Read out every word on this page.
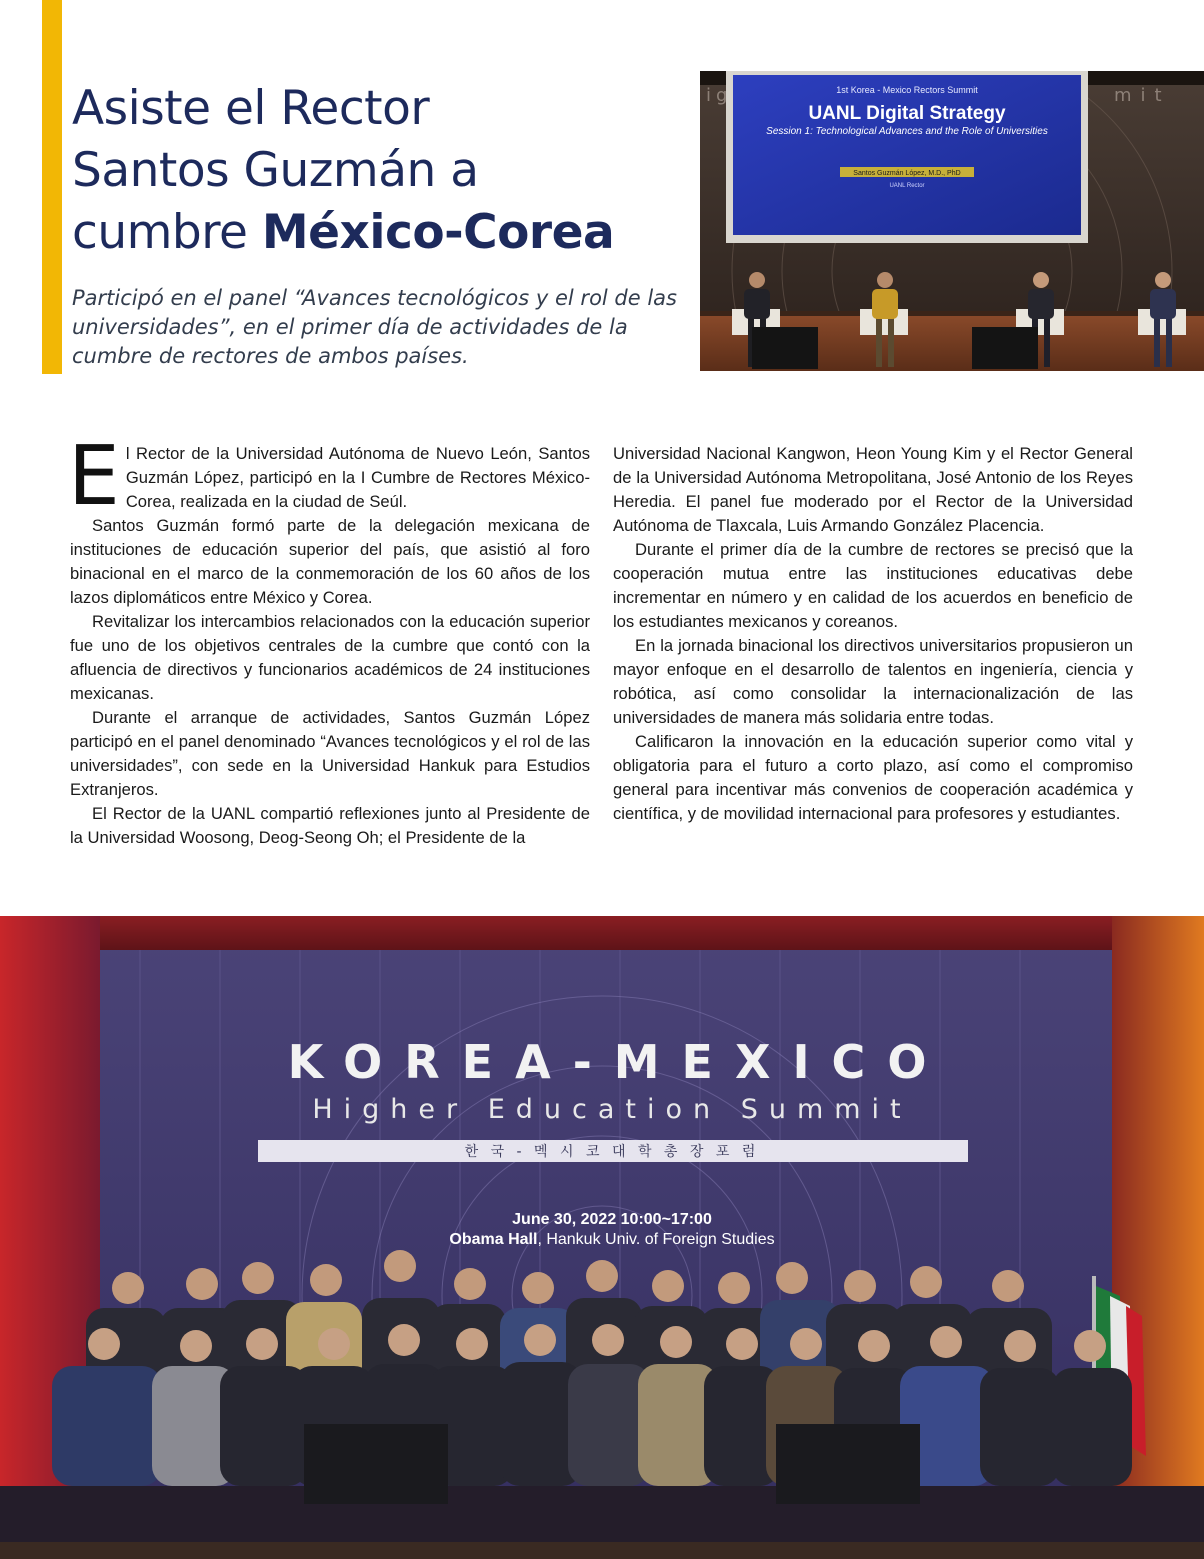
Asiste el Rector
Santos Guzmán a
cumbre México-Corea

Participó en el panel “Avances tecnológicos y el rol de las universidades”, en el primer día de actividades de la cumbre de rectores de ambos países.

ig	mit
1st Korea - Mexico Rectors Summit
UANL Digital Strategy
Session 1: Technological Advances and the Role of Universities
Santos Guzmán López, M.D., PhD
UANL Rector

El Rector de la Universidad Autónoma de Nuevo León, Santos Guzmán López, participó en la I Cumbre de Rectores México-Corea, realizada en la ciudad de Seúl.

Santos Guzmán formó parte de la delegación mexicana de instituciones de educación superior del país, que asistió al foro binacional en el marco de la conmemoración de los 60 años de los lazos diplomáticos entre México y Corea.

Revitalizar los intercambios relacionados con la educación superior fue uno de los objetivos centrales de la cumbre que contó con la afluencia de directivos y funcionarios académicos de 24 instituciones mexicanas.

Durante el arranque de actividades, Santos Guzmán López participó en el panel denominado “Avances tecnológicos y el rol de las universidades”, con sede en la Universidad Hankuk para Estudios Extranjeros.

El Rector de la UANL compartió reflexiones junto al Presidente de la Universidad Woosong, Deog-Seong Oh; el Presidente de la

Universidad Nacional Kangwon, Heon Young Kim y el Rector General de la Universidad Autónoma Metropolitana, José Antonio de los Reyes Heredia. El panel fue moderado por el Rector de la Universidad Autónoma de Tlaxcala, Luis Armando González Placencia.

Durante el primer día de la cumbre de rectores se precisó que la cooperación mutua entre las instituciones educativas debe incrementar en número y en calidad de los acuerdos en beneficio de los estudiantes mexicanos y coreanos.

En la jornada binacional los directivos universitarios propusieron un mayor enfoque en el desarrollo de talentos en ingeniería, ciencia y robótica, así como consolidar la internacionalización de las universidades de manera más solidaria entre todas.

Calificaron la innovación en la educación superior como vital y obligatoria para el futuro a corto plazo, así como el compromiso general para incentivar más convenios de cooperación académica y científica, y de movilidad internacional para profesores y estudiantes.

KOREA-MEXICO
Higher Education Summit
한 국 - 멕 시 코 대 학 총 장 포 럼
June 30, 2022 10:00~17:00
Obama Hall, Hankuk Univ. of Foreign Studies
